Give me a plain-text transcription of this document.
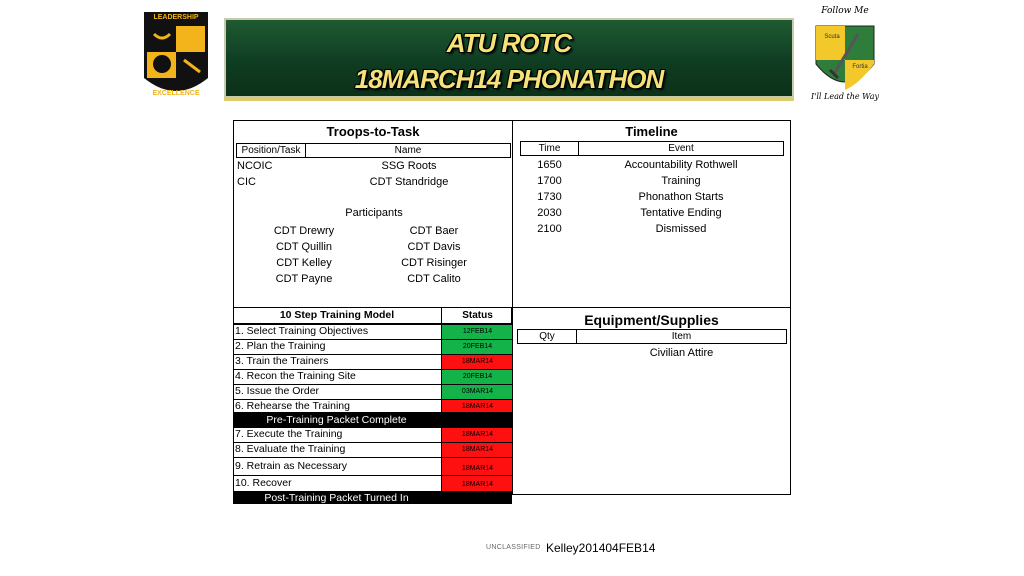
LEADERSHIP
EXCELLENCE
ATU ROTC
18MARCH14 PHONATHON
Follow Me
Scuta
Fortia
I'll Lead the Way
Troops-to-Task
Position/Task	Name
NCOIC	SSG Roots
CIC	CDT Standridge
Participants
CDT Drewry	CDT Baer
CDT Quillin	CDT Davis
CDT Kelley	CDT Risinger
CDT Payne	CDT Calito
Timeline
Time	Event
1650	Accountability Rothwell
1700	Training
1730	Phonathon Starts
2030	Tentative Ending
2100	Dismissed
10 Step Training Model	Status
1. Select Training Objectives	12FEB14
2. Plan the Training	20FEB14
3. Train the Trainers	18MAR14
4. Recon the Training Site	20FEB14
5. Issue the Order	03MAR14
6. Rehearse the Training	18MAR14
Pre-Training Packet Complete
7. Execute the Training	18MAR14
8. Evaluate the Training	18MAR14
9. Retrain as Necessary	18MAR14
10. Recover	18MAR14
Post-Training Packet Turned In
Equipment/Supplies
Qty	Item
Civilian Attire
UNCLASSIFIED Kelley201404FEB14
